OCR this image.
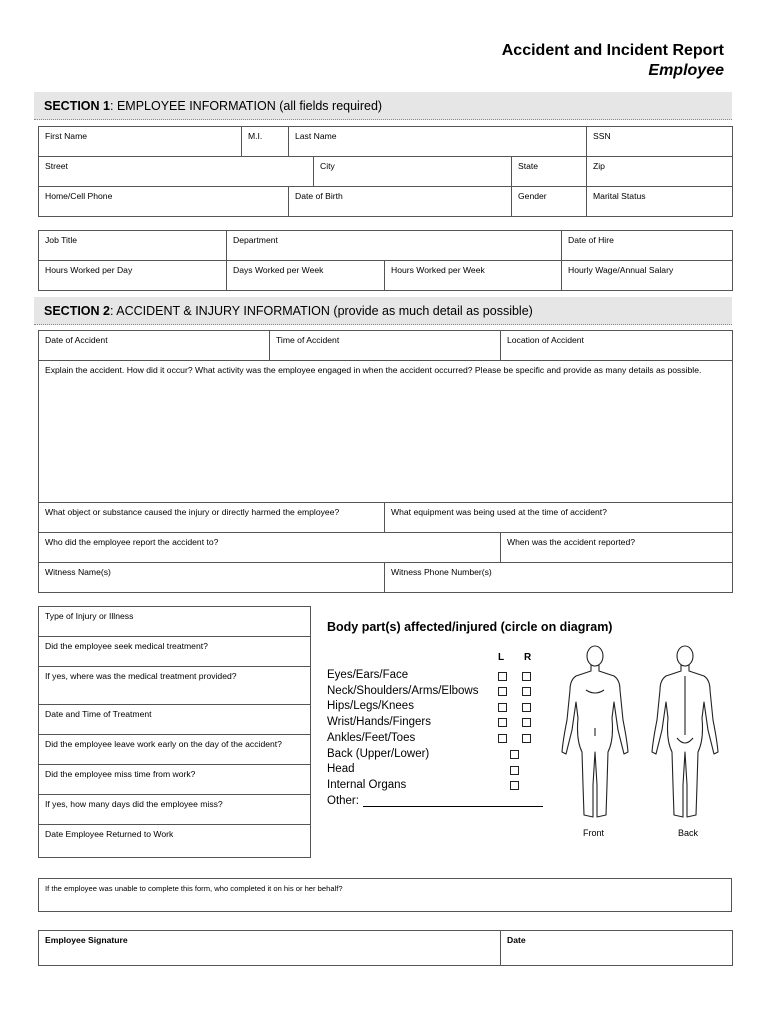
Accident and Incident Report
Employee
SECTION 1: EMPLOYEE INFORMATION (all fields required)
First Name	M.I.	Last Name			SSN
Street			City	State	Zip
Home/Cell Phone		Date of Birth		Gender	Marital Status
Job Title	Department		Date of Hire
Hours Worked per Day	Days Worked per Week	Hours Worked per Week	Hourly Wage/Annual Salary
SECTION 2: ACCIDENT & INJURY INFORMATION (provide as much detail as possible)
Date of Accident	Time of Accident		Location of Accident
Explain the accident. How did it occur? What activity was the employee engaged in when the accident occurred? Please be specific and provide as many details as possible.			
What object or substance caused the injury or directly harmed the employee?		What equipment was being used at the time of accident?	
Who did the employee report the accident to?			When was the accident reported?
Witness Name(s)		Witness Phone Number(s)	
Type of Injury or Illness
Did the employee seek medical treatment?
If yes, where was the medical treatment provided?
Date and Time of Treatment
Did the employee leave work early on the day of the accident?
Did the employee miss time from work?
If yes, how many days did the employee miss?
Date Employee Returned to Work
Body part(s) affected/injured (circle on diagram)
L R
Eyes/Ears/Face
Neck/Shoulders/Arms/Elbows
Hips/Legs/Knees
Wrist/Hands/Fingers
Ankles/Feet/Toes
Back (Upper/Lower)
Head
Internal Organs
Other:
Front	Back
If the employee was unable to complete this form, who completed it on his or her behalf?
Employee Signature	Date
